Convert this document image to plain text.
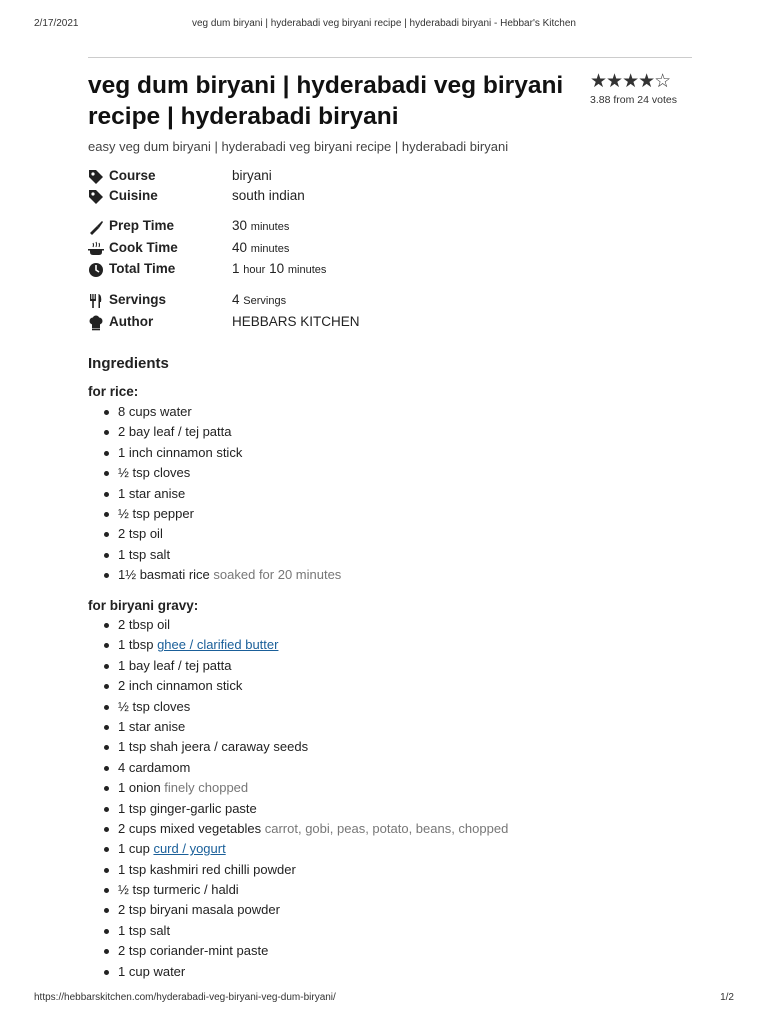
2/17/2021	veg dum biryani | hyderabadi veg biryani recipe | hyderabadi biryani - Hebbar's Kitchen
veg dum biryani | hyderabadi veg biryani recipe | hyderabadi biryani
★★★★☆
3.88 from 24 votes
easy veg dum biryani | hyderabadi veg biryani recipe | hyderabadi biryani
Course	biryani
Cuisine	south indian
Prep Time	30 minutes
Cook Time	40 minutes
Total Time	1 hour 10 minutes
Servings	4 Servings
Author	HEBBARS KITCHEN
Ingredients
for rice:
8 cups water
2 bay leaf / tej patta
1 inch cinnamon stick
½ tsp cloves
1 star anise
½ tsp pepper
2 tsp oil
1 tsp salt
1½ basmati rice soaked for 20 minutes
for biryani gravy:
2 tbsp oil
1 tbsp ghee / clarified butter
1 bay leaf / tej patta
2 inch cinnamon stick
½ tsp cloves
1 star anise
1 tsp shah jeera / caraway seeds
4 cardamom
1 onion finely chopped
1 tsp ginger-garlic paste
2 cups mixed vegetables carrot, gobi, peas, potato, beans, chopped
1 cup curd / yogurt
1 tsp kashmiri red chilli powder
½ tsp turmeric / haldi
2 tsp biryani masala powder
1 tsp salt
2 tsp coriander-mint paste
1 cup water
https://hebbarskitchen.com/hyderabadi-veg-biryani-veg-dum-biryani/	1/2
